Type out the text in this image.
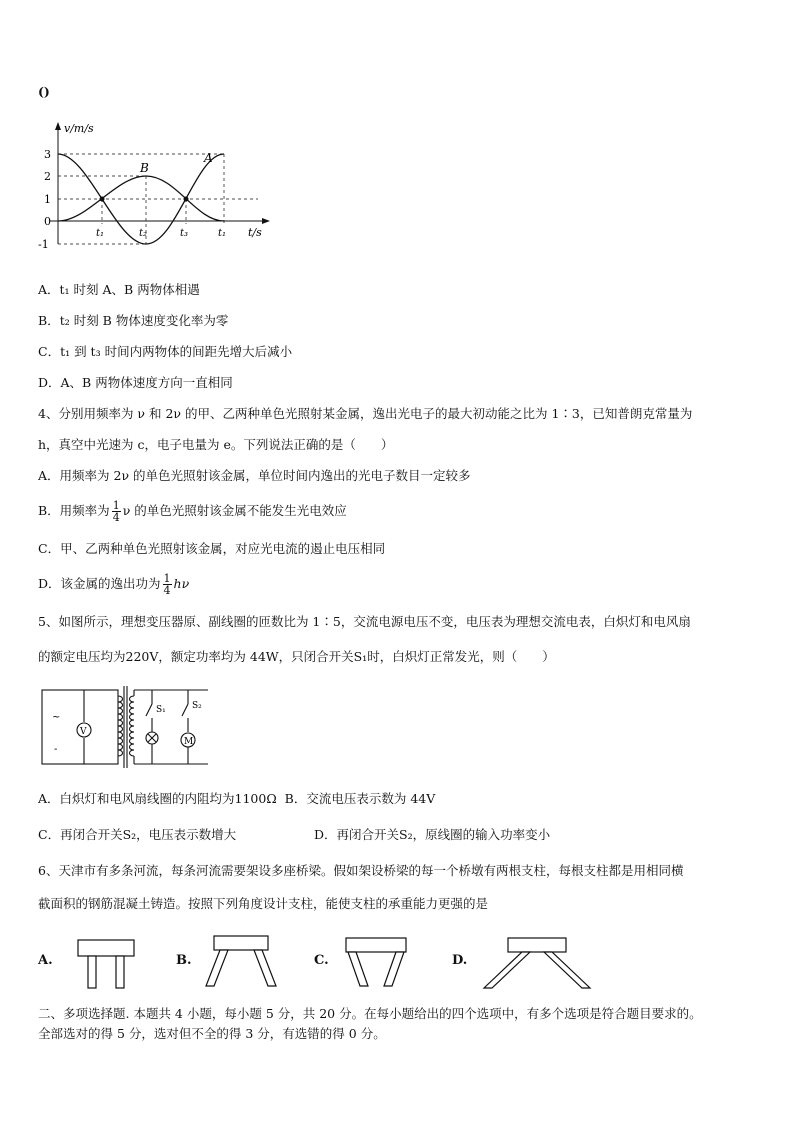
()
v/m/s
t/s
3
2
1
0
-1
t₁	t₂	t₃	t₁
A
B
A．t₁ 时刻 A、B 两物体相遇
B．t₂ 时刻 B 物体速度变化率为零
C．t₁ 到 t₃ 时间内两物体的间距先增大后减小
D．A、B 两物体速度方向一直相同
4、分别用频率为 ν 和 2ν 的甲、乙两种单色光照射某金属，逸出光电子的最大初动能之比为 1∶3，已知普朗克常量为
h，真空中光速为 c，电子电量为 e。下列说法正确的是（　　）
A．用频率为 2ν 的单色光照射该金属，单位时间内逸出的光电子数目一定较多
B．用频率为 $\frac{1}{4}$ ν 的单色光照射该金属不能发生光电效应
C．甲、乙两种单色光照射该金属，对应光电流的遏止电压相同
D．该金属的逸出功为 $\frac{1}{4}$ hν
5、如图所示，理想变压器原、副线圈的匝数比为 1∶5，交流电源电压不变，电压表为理想交流电表，白炽灯和电风扇
的额定电压均为220V，额定功率均为 44W，只闭合开关S₁时，白炽灯正常发光，则（　　）
V
M
S₁	S₂
~
-
A．白炽灯和电风扇线圈的内阻均为1100Ω B．交流电压表示数为 44V
C．再闭合开关S₂，电压表示数增大	D．再闭合开关S₂，原线圈的输入功率变小
6、天津市有多条河流，每条河流需要架设多座桥梁。假如架设桥梁的每一个桥墩有两根支柱，每根支柱都是用相同横
截面积的钢筋混凝土铸造。按照下列角度设计支柱，能使支柱的承重能力更强的是
A.	B.	C.	D.
二、多项选择题. 本题共 4 小题，每小题 5 分，共 20 分。在每小题给出的四个选项中，有多个选项是符合题目要求的。
全部选对的得 5 分，选对但不全的得 3 分，有选错的得 0 分。
